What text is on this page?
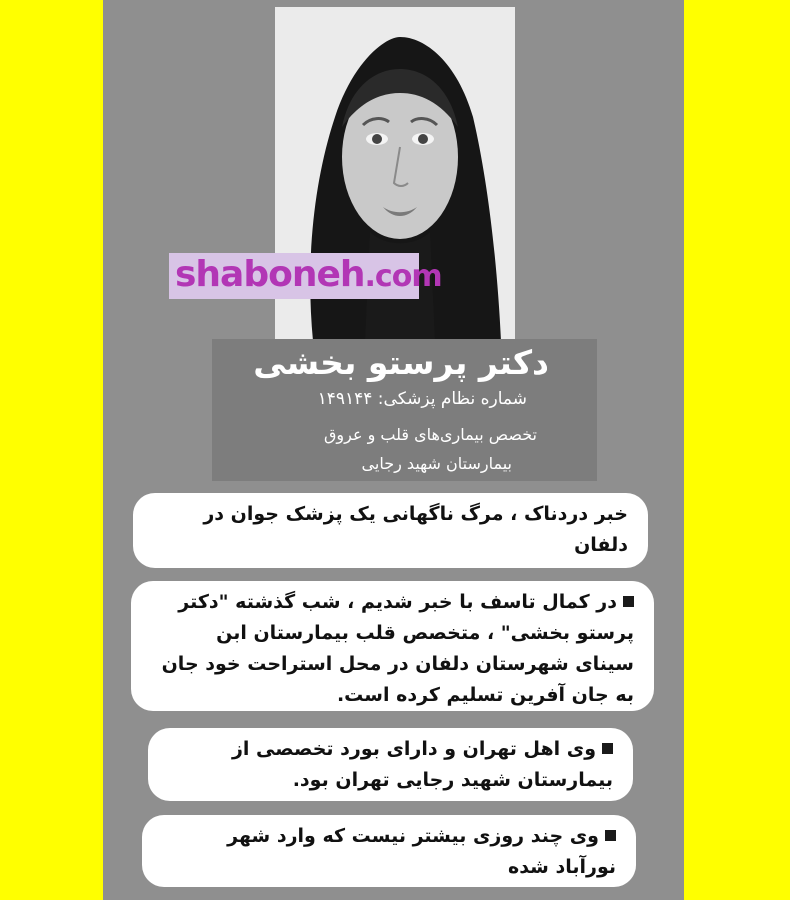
shaboneh.com
دکتر پرستو بخشی
شماره نظام پزشکی: ۱۴۹۱۴۴
تخصص بیماری‌های قلب و عروق
بیمارستان شهید رجایی
خبر دردناک ، مرگ ناگهانی یک پزشک جوان در دلفان
در کمال تاسف با خبر شدیم ، شب گذشته "دکتر پرستو بخشی" ، متخصص قلب بیمارستان ابن سینای شهرستان دلفان در محل استراحت خود جان به جان آفرین تسلیم کرده است.
وی اهل تهران و دارای بورد تخصصی از بیمارستان شهید رجایی تهران بود.
وی چند روزی بیشتر نیست که وارد شهر نورآباد شده
